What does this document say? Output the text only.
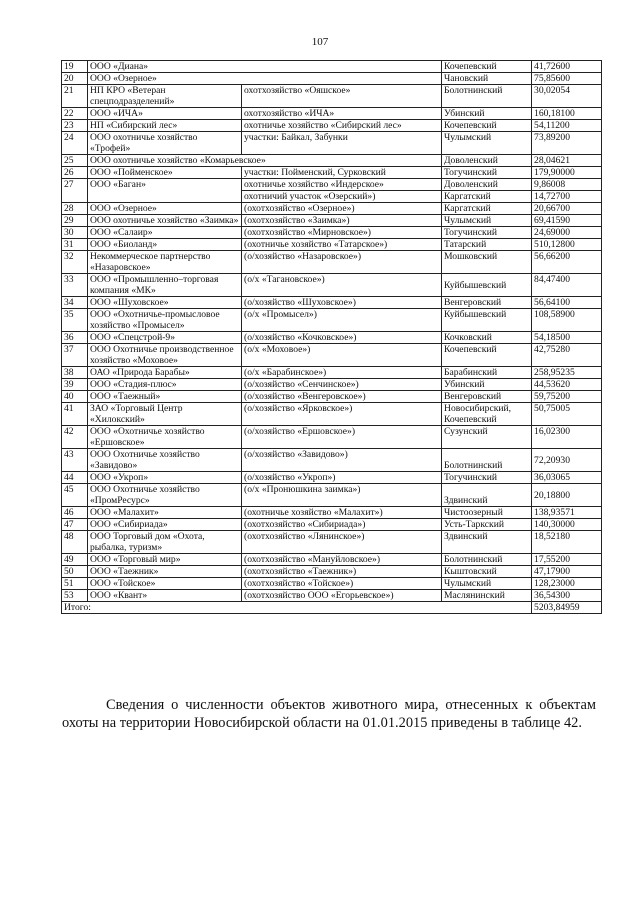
107
19	ООО «Диана»		Кочепевский	41,72600
20	ООО «Озерное»		Чановский	75,85600
21	НП КРО «Ветеран спецподразделений»	охотхозяйство «Ояшское»	Болотнинский	30,02054
22	ООО «ИЧА»	охотхозяйство «ИЧА»	Убинский	160,18100
23	НП «Сибирский лес»	охотничье хозяйство «Сибирский лес»	Кочепевский	54,11200
24	ООО охотничье хозяйство «Трофей»	участки: Байкал, Забунки	Чулымский	73,89200
25	ООО охотничье хозяйство «Комарьевское»		Доволенский	28,04621
26	ООО «Пойменское»	участки: Пойменский, Сурковский	Тогучинский	179,90000
27	ООО «Баган»	охотничье хозяйство «Индерское»	Доволенский	9,86008
		охотничий участок «Озерский»)	Каргатский	14,72700
28	ООО «Озерное»	(охотхозяйство «Озерное»)	Каргатский	20,66700
29	ООО охотничье хозяйство «Заимка»	(охотхозяйство «Заимка»)	Чулымский	69,41590
30	ООО «Салаир»	(охотхозяйство «Мирновское»)	Тогучинский	24,69000
31	ООО «Биоланд»	(охотничье хозяйство «Татарское»)	Татарский	510,12800
32	Некоммерческое партнерство «Назаровское»	(о/хозяйство «Назаровское»)	Мошковский	56,66200
33	ООО «Промышленно–торговая компания «МК»	(о/х «Тагановское»)	Куйбышевский	84,47400
34	ООО «Шуховское»	(о/хозяйство «Шуховское»)	Венгеровский	56,64100
35	ООО «Охотничье-промысловое хозяйство «Промысел»	(о/х «Промысел»)	Куйбышевский	108,58900
36	ООО «Спецстрой-9»	(о/хозяйство «Кочковское»)	Кочковский	54,18500
37	ООО Охотничье производственное хозяйство «Моховое»	(о/х «Моховое»)	Кочепевский	42,75280
38	ОАО «Природа Барабы»	(о/х «Барабинское»)	Барабинский	258,95235
39	ООО «Стадия-плюс»	(о/хозяйство «Сенчинское»)	Убинский	44,53620
40	ООО «Таежный»	(о/хозяйство «Венгеровское»)	Венгеровский	59,75200
41	ЗАО «Торговый Центр «Хилокский»	(о/хозяйство «Ярковское»)	Новосибирский, Кочепевский	50,75005
42	ООО «Охотничье хозяйство «Ершовское»	(о/хозяйство «Ершовское»)	Сузунский	16,02300
43	ООО Охотничье хозяйство «Завидово»	(о/хозяйство «Завидово»)	Болотнинский	72,20930
44	ООО «Укроп»	(о/хозяйство «Укроп»)	Тогучинский	36,03065
45	ООО Охотничье хозяйство «ПромРесурс»	(о/х «Пронюшкина заимка»)	Здвинский	20,18800
46	ООО «Малахит»	(охотничье хозяйство «Малахит»)	Чистоозерный	138,93571
47	ООО «Сибириада»	(охотхозяйство «Сибириада»)	Усть-Таркский	140,30000
48	ООО Торговый дом «Охота, рыбалка, туризм»	(охотхозяйство «Лянинское»)	Здвинский	18,52180
49	ООО «Торговый мир»	(охотхозяйство «Мануйловское»)	Болотнинский	17,55200
50	ООО «Таежник»	(охотхозяйство «Таежник»)	Кыштовский	47,17900
51	ООО «Тойское»	(охотхозяйство «Тойское»)	Чулымский	128,23000
53	ООО «Квант»	(охотхозяйство ООО «Егорьевское»)	Маслянинский	36,54300
Итого:				5203,84959
Сведения о численности объектов животного мира, отнесенных к объектам охоты на территории Новосибирской области на 01.01.2015 приведены в таблице 42.
